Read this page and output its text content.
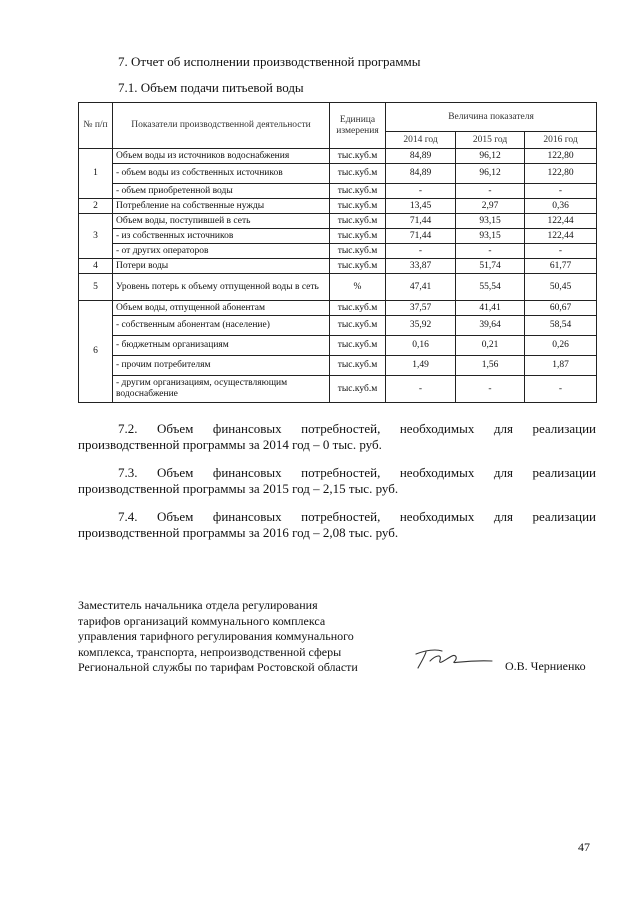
7. Отчет об исполнении производственной программы
7.1. Объем подачи питьевой воды
№ п/п	Показатели производственной деятельности	Единица измерения	Величина показателя		
			2014 год	2015 год	2016 год
1	Объем воды из источников водоснабжения	тыс.куб.м	84,89	96,12	122,80
	- объем воды из собственных источников	тыс.куб.м	84,89	96,12	122,80
	- объем приобретенной воды	тыс.куб.м	-	-	-
2	Потребление на собственные нужды	тыс.куб.м	13,45	2,97	0,36
3	Объем воды, поступившей в сеть	тыс.куб.м	71,44	93,15	122,44
	- из собственных источников	тыс.куб.м	71,44	93,15	122,44
	- от других операторов	тыс.куб.м	-	-	-
4	Потери воды	тыс.куб.м	33,87	51,74	61,77
5	Уровень потерь к объему отпущенной воды в сеть	%	47,41	55,54	50,45
6	Объем воды, отпущенной абонентам	тыс.куб.м	37,57	41,41	60,67
	- собственным абонентам (население)	тыс.куб.м	35,92	39,64	58,54
	- бюджетным организациям	тыс.куб.м	0,16	0,21	0,26
	- прочим потребителям	тыс.куб.м	1,49	1,56	1,87
	- другим организациям, осуществляющим водоснабжение	тыс.куб.м	-	-	-
7.2. Объем финансовых потребностей, необходимых для реализации
производственной программы за 2014 год – 0 тыс. руб.
7.3. Объем финансовых потребностей, необходимых для реализации
производственной программы за 2015 год – 2,15 тыс. руб.
7.4. Объем финансовых потребностей, необходимых для реализации
производственной программы за 2016 год – 2,08 тыс. руб.
Заместитель начальника отдела регулирования
тарифов организаций коммунального комплекса
управления тарифного регулирования коммунального
комплекса, транспорта, непроизводственной сферы
Региональной службы по тарифам Ростовской области	О.В. Черниенко
47
